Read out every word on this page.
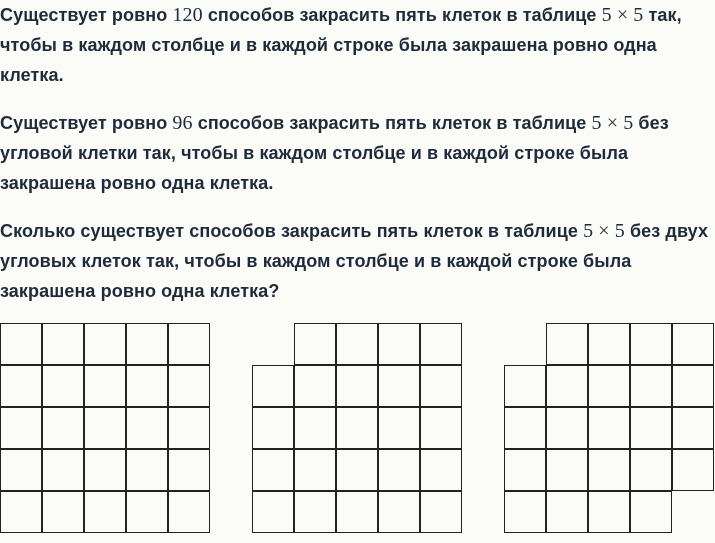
Существует ровно 120 способов закрасить пять клеток в таблице 5 × 5 так, чтобы в каждом столбце и в каждой строке была закрашена ровно одна клетка.

Существует ровно 96 способов закрасить пять клеток в таблице 5 × 5 без угловой клетки так, чтобы в каждом столбце и в каждой строке была закрашена ровно одна клетка.

Сколько существует способов закрасить пять клеток в таблице 5 × 5 без двух угловых клеток так, чтобы в каждом столбце и в каждой строке была закрашена ровно одна клетка?
